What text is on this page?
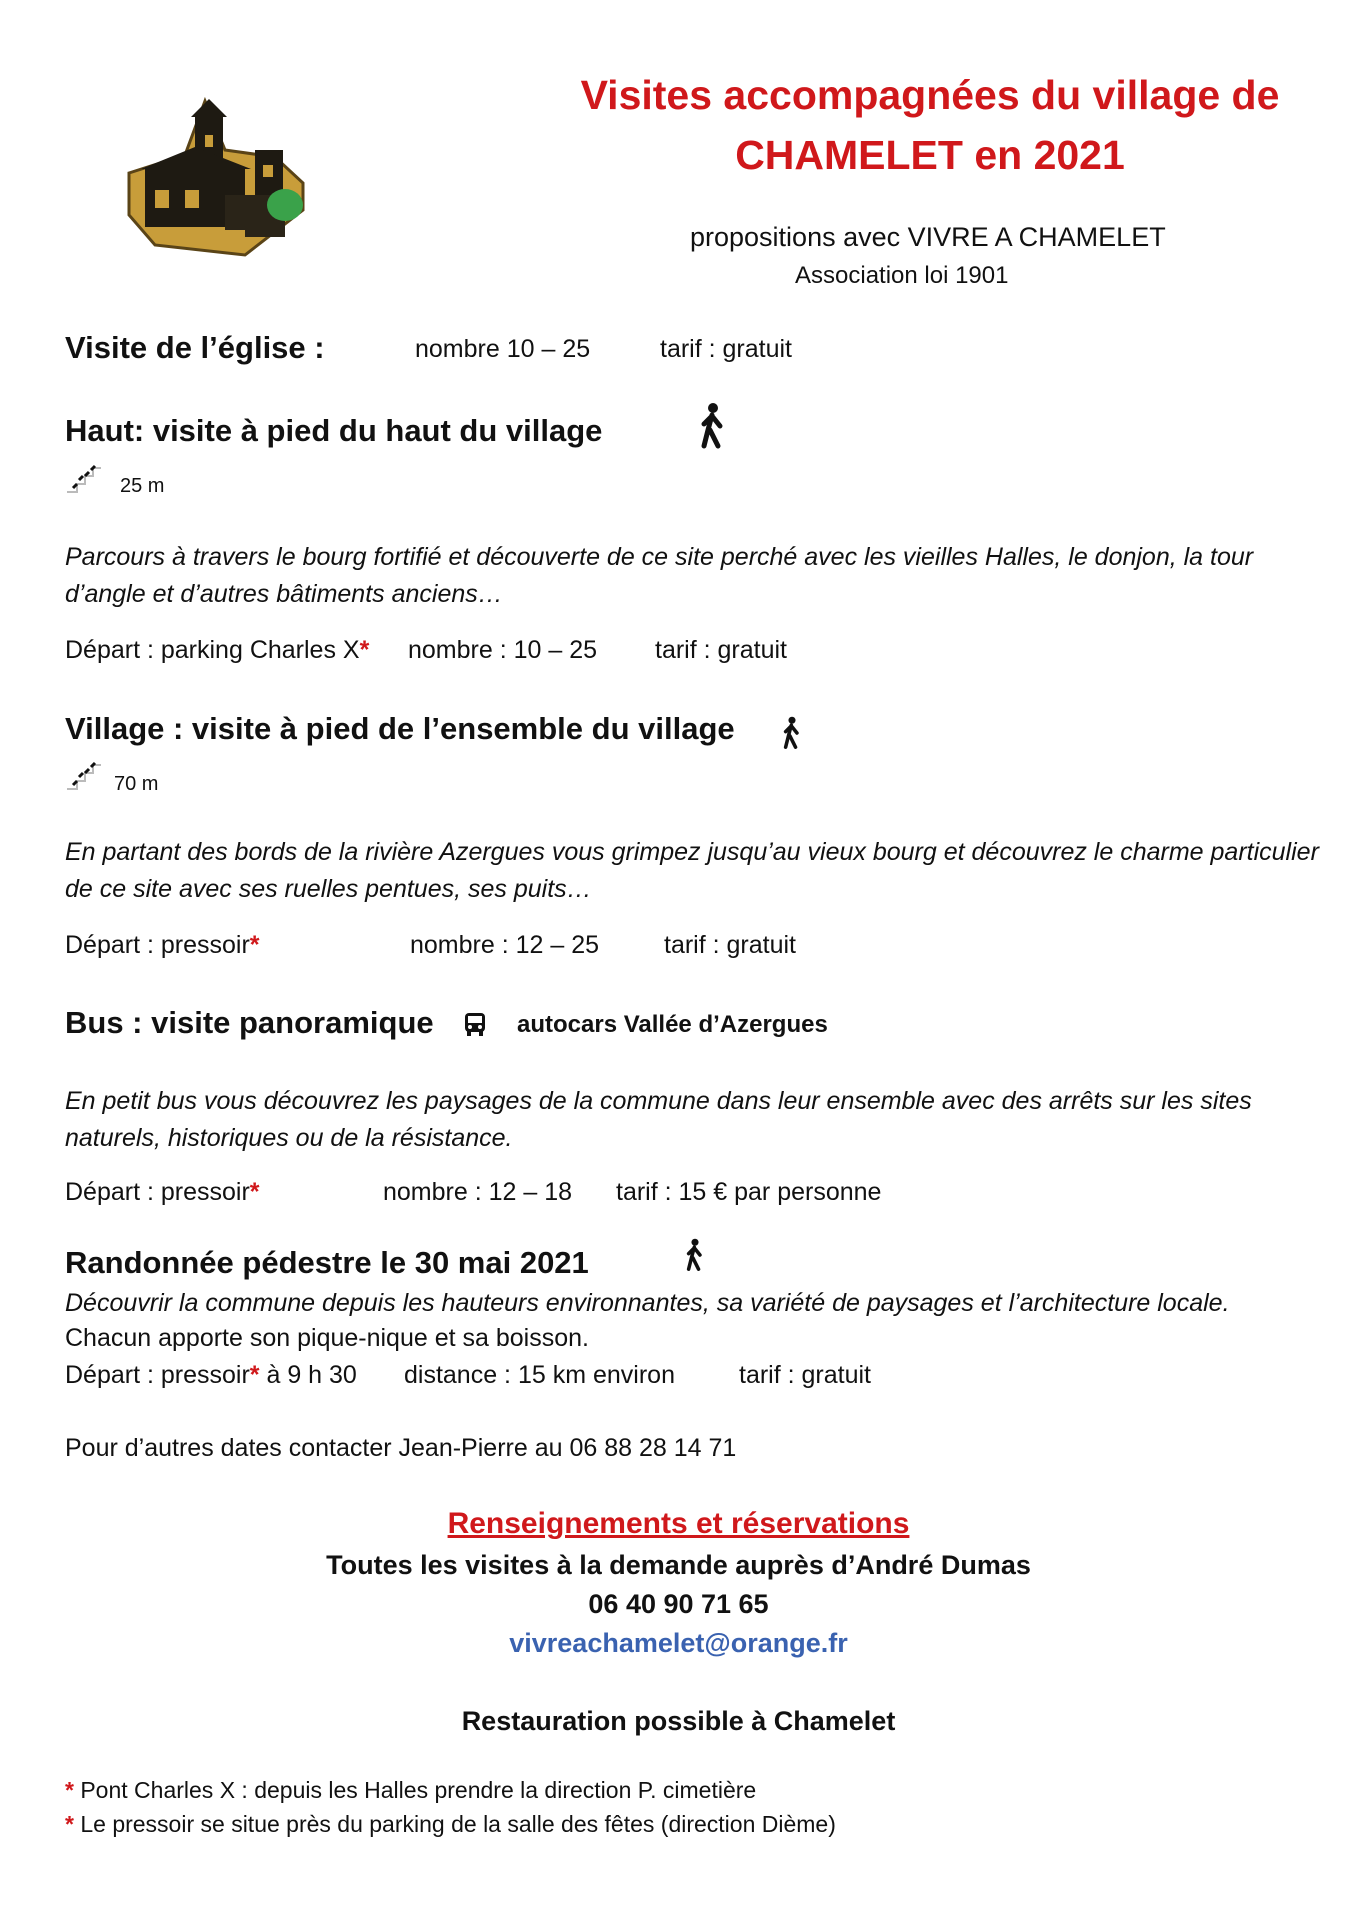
Visites accompagnées du village de
CHAMELET en 2021
propositions avec VIVRE A CHAMELET
Association loi 1901
Visite de l’église :	nombre 10 – 25	tarif : gratuit
Haut: visite à pied du haut du village
25 m
Parcours à travers le bourg fortifié et découverte de ce site perché avec les vieilles Halles, le donjon, la tour d’angle et d’autres bâtiments anciens…
Départ : parking Charles X* nombre : 10 – 25 tarif : gratuit
Village : visite à pied de l’ensemble du village
70 m
En partant des bords de la rivière Azergues vous grimpez jusqu’au vieux bourg et découvrez le charme particulier de ce site avec ses ruelles pentues, ses puits…
Départ : pressoir*	nombre : 12 – 25	tarif : gratuit
Bus : visite panoramique	autocars Vallée d’Azergues
En petit bus vous découvrez les paysages de la commune dans leur ensemble avec des arrêts sur les sites naturels, historiques ou de la résistance.
Départ : pressoir*	nombre : 12 – 18 tarif : 15 € par personne
Randonnée pédestre le 30 mai 2021
Découvrir la commune depuis les hauteurs environnantes, sa variété de paysages et l’architecture locale.
Chacun apporte son pique-nique et sa boisson.
Départ : pressoir* à 9 h 30 distance : 15 km environ	tarif : gratuit
Pour d’autres dates contacter Jean-Pierre au 06 88 28 14 71
Renseignements et réservations
Toutes les visites à la demande auprès d’André Dumas
06 40 90 71 65
vivreachamelet@orange.fr
Restauration possible à Chamelet
* Pont Charles X : depuis les Halles prendre la direction P. cimetière
* Le pressoir se situe près du parking de la salle des fêtes (direction Dième)
